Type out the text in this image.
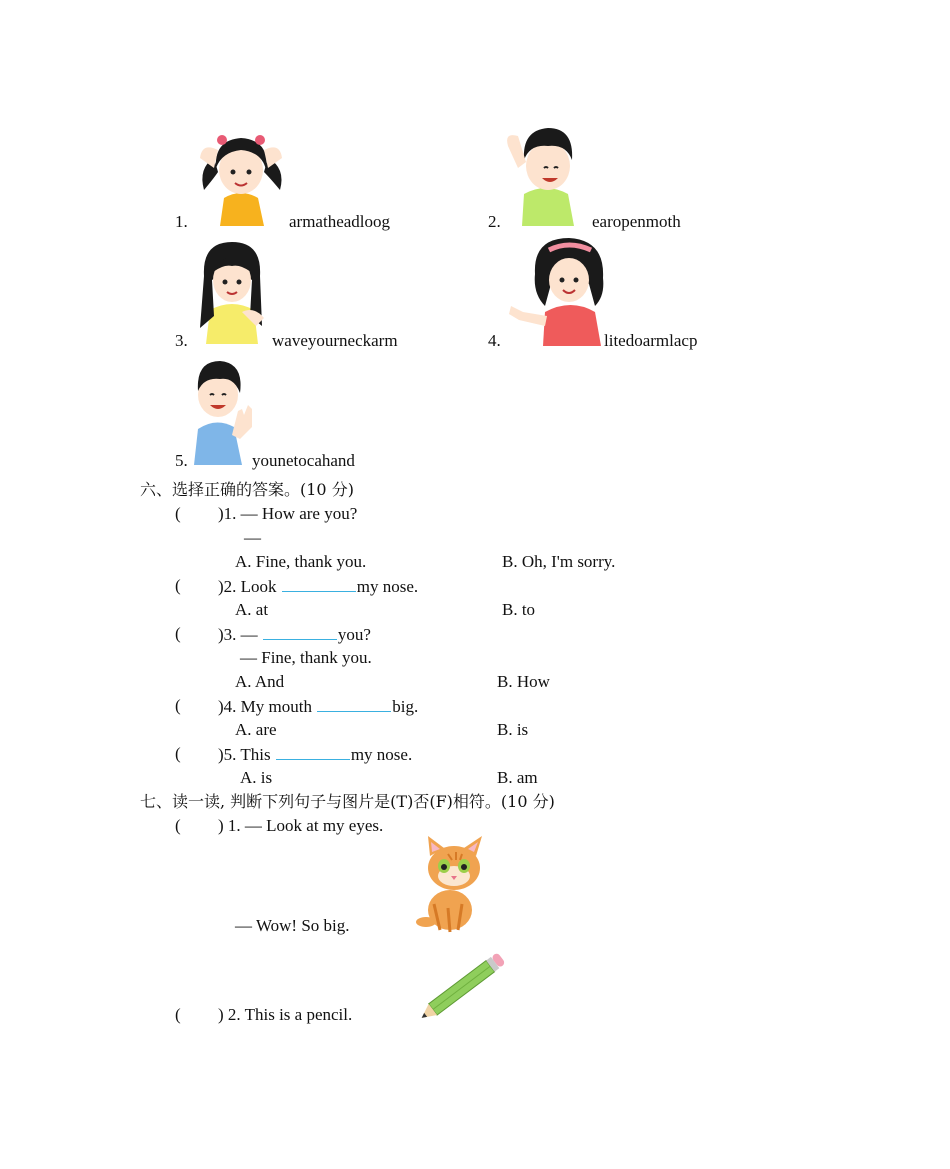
1.	armatheadloog	2.	earopenmoth
3.	waveyourneckarm	4.	litedoarmlacp
5.	younetocahand
六、选择正确的答案。(10 分)
( )1. — How are you?
—
A. Fine, thank you.	B. Oh, I'm sorry.
( )2. Look	my nose.
A. at	B. to
( )3. —	you?
— Fine, thank you.
A. And	B. How
( )4. My mouth	big.
A. are	B. is
( )5. This	my nose.
A. is	B. am
七、读一读, 判断下列句子与图片是(T)否(F)相符。(10 分)
( ) 1. — Look at my eyes.
— Wow! So big.
( ) 2. This is a pencil.
